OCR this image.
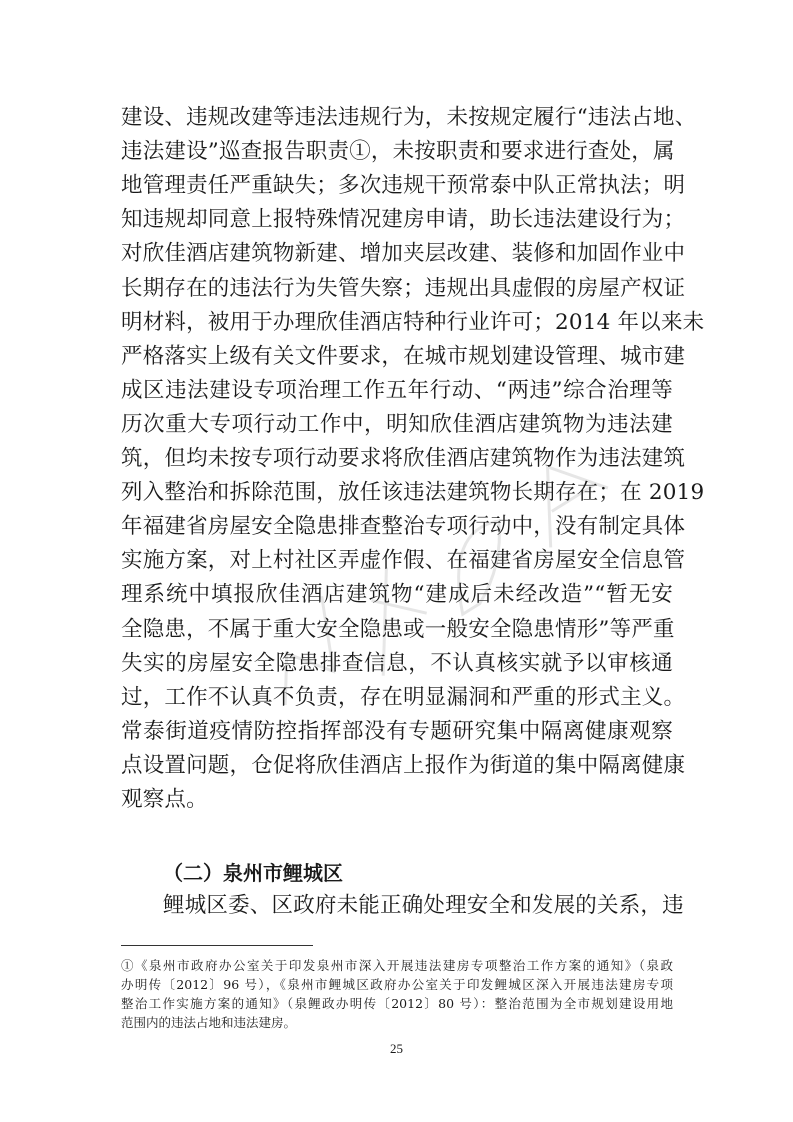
建设、违规改建等违法违规行为，未按规定履行“违法占地、
违法建设”巡查报告职责①，未按职责和要求进行查处，属
地管理责任严重缺失；多次违规干预常泰中队正常执法；明
知违规却同意上报特殊情况建房申请，助长违法建设行为；
对欣佳酒店建筑物新建、增加夹层改建、装修和加固作业中
长期存在的违法行为失管失察；违规出具虚假的房屋产权证
明材料，被用于办理欣佳酒店特种行业许可；2014 年以来未
严格落实上级有关文件要求，在城市规划建设管理、城市建
成区违法建设专项治理工作五年行动、“两违”综合治理等
历次重大专项行动工作中，明知欣佳酒店建筑物为违法建
筑，但均未按专项行动要求将欣佳酒店建筑物作为违法建筑
列入整治和拆除范围，放任该违法建筑物长期存在；在 2019
年福建省房屋安全隐患排查整治专项行动中，没有制定具体
实施方案，对上村社区弄虚作假、在福建省房屋安全信息管
理系统中填报欣佳酒店建筑物“建成后未经改造”“暂无安
全隐患，不属于重大安全隐患或一般安全隐患情形”等严重
失实的房屋安全隐患排查信息，不认真核实就予以审核通
过，工作不认真不负责，存在明显漏洞和严重的形式主义。
常泰街道疫情防控指挥部没有专题研究集中隔离健康观察
点设置问题，仓促将欣佳酒店上报作为街道的集中隔离健康
观察点。
（二）泉州市鲤城区
鲤城区委、区政府未能正确处理安全和发展的关系，违
①《泉州市政府办公室关于印发泉州市深入开展违法建房专项整治工作方案的通知》（泉政
办明传〔2012〕96 号），《泉州市鲤城区政府办公室关于印发鲤城区深入开展违法建房专项
整治工作实施方案的通知》（泉鲤政办明传〔2012〕80 号）：整治范围为全市规划建设用地
范围内的违法占地和违法建房。
25
